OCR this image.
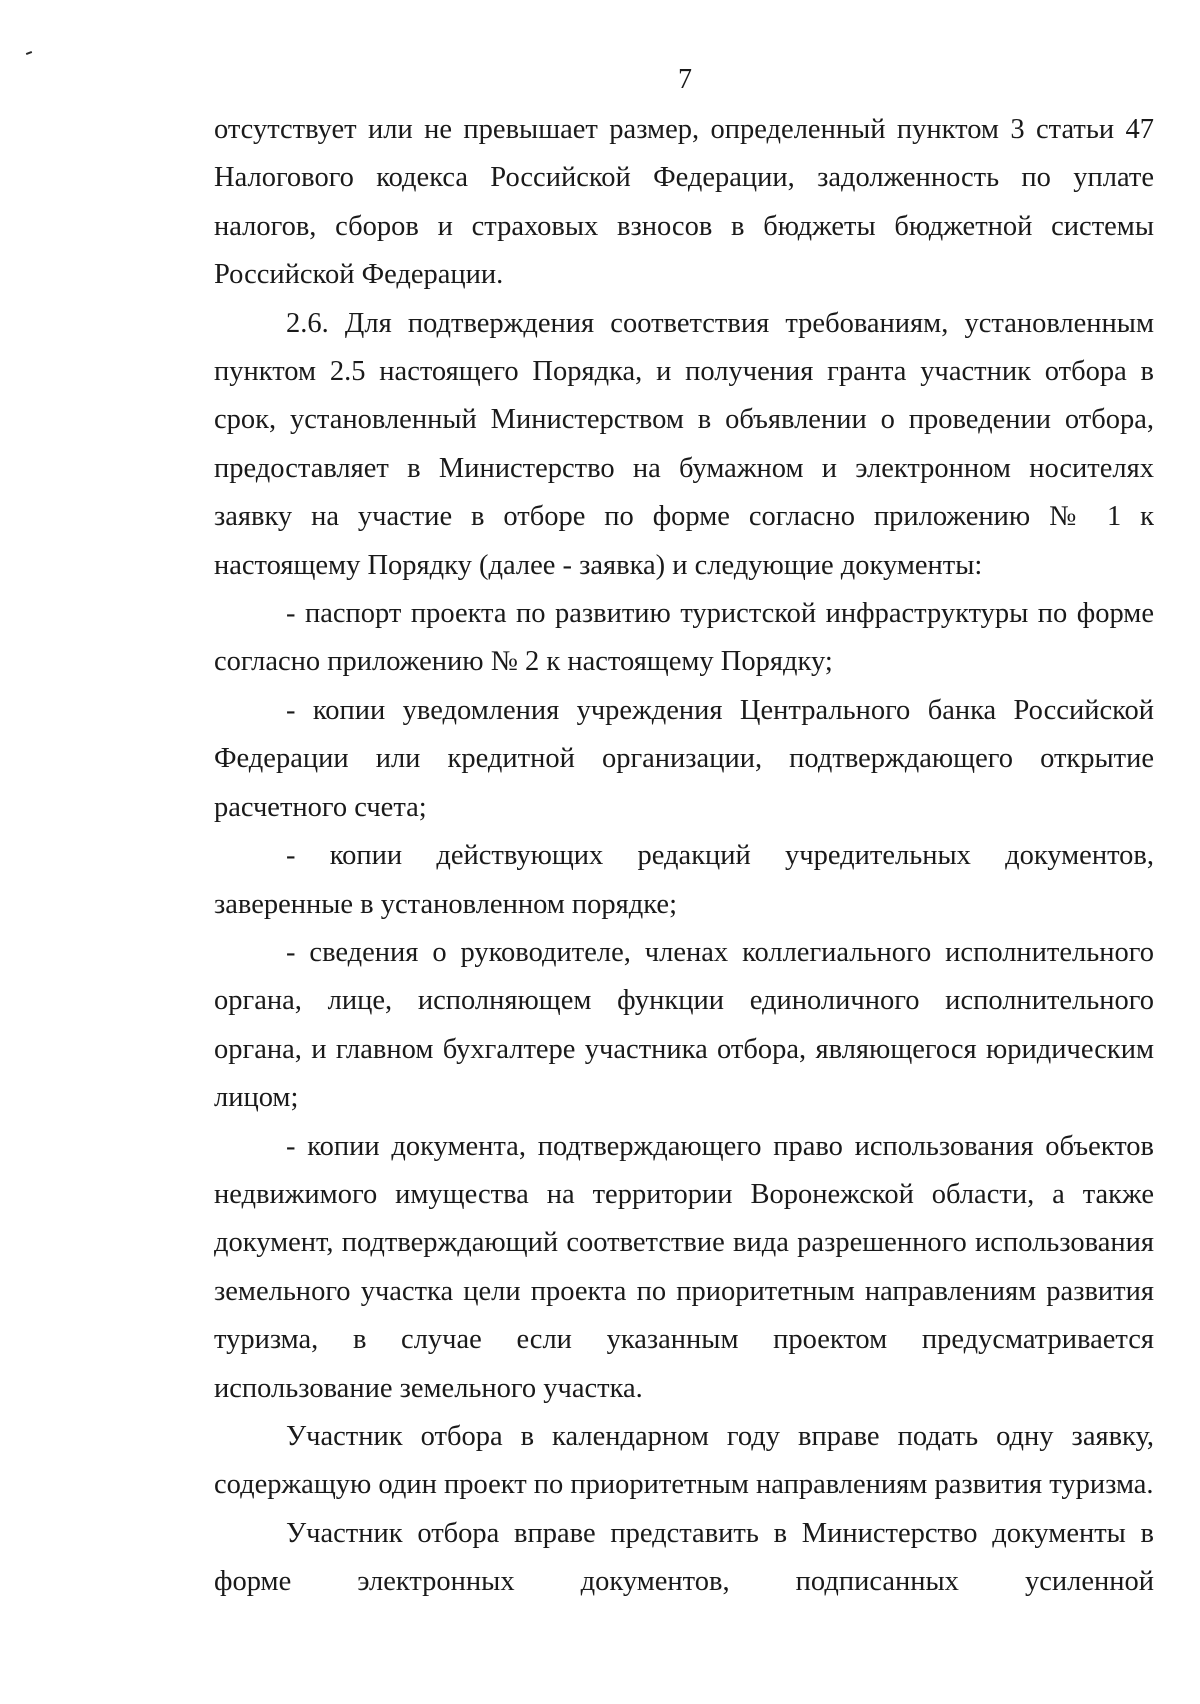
7

отсутствует или не превышает размер, определенный пунктом 3 статьи 47 Налогового кодекса Российской Федерации, задолженность по уплате налогов, сборов и страховых взносов в бюджеты бюджетной системы Российской Федерации.

2.6. Для подтверждения соответствия требованиям, установленным пунктом 2.5 настоящего Порядка, и получения гранта участник отбора в срок, установленный Министерством в объявлении о проведении отбора, предоставляет в Министерство на бумажном и электронном носителях заявку на участие в отборе по форме согласно приложению № 1 к настоящему Порядку (далее - заявка) и следующие документы:

- паспорт проекта по развитию туристской инфраструктуры по форме согласно приложению № 2 к настоящему Порядку;

- копии уведомления учреждения Центрального банка Российской Федерации или кредитной организации, подтверждающего открытие расчетного счета;

- копии действующих редакций учредительных документов, заверенные в установленном порядке;

- сведения о руководителе, членах коллегиального исполнительного органа, лице, исполняющем функции единоличного исполнительного органа, и главном бухгалтере участника отбора, являющегося юридическим лицом;

- копии документа, подтверждающего право использования объектов недвижимого имущества на территории Воронежской области, а также документ, подтверждающий соответствие вида разрешенного использования земельного участка цели проекта по приоритетным направлениям развития туризма, в случае если указанным проектом предусматривается использование земельного участка.

Участник отбора в календарном году вправе подать одну заявку, содержащую один проект по приоритетным направлениям развития туризма.

Участник отбора вправе представить в Министерство документы в форме электронных документов, подписанных усиленной
